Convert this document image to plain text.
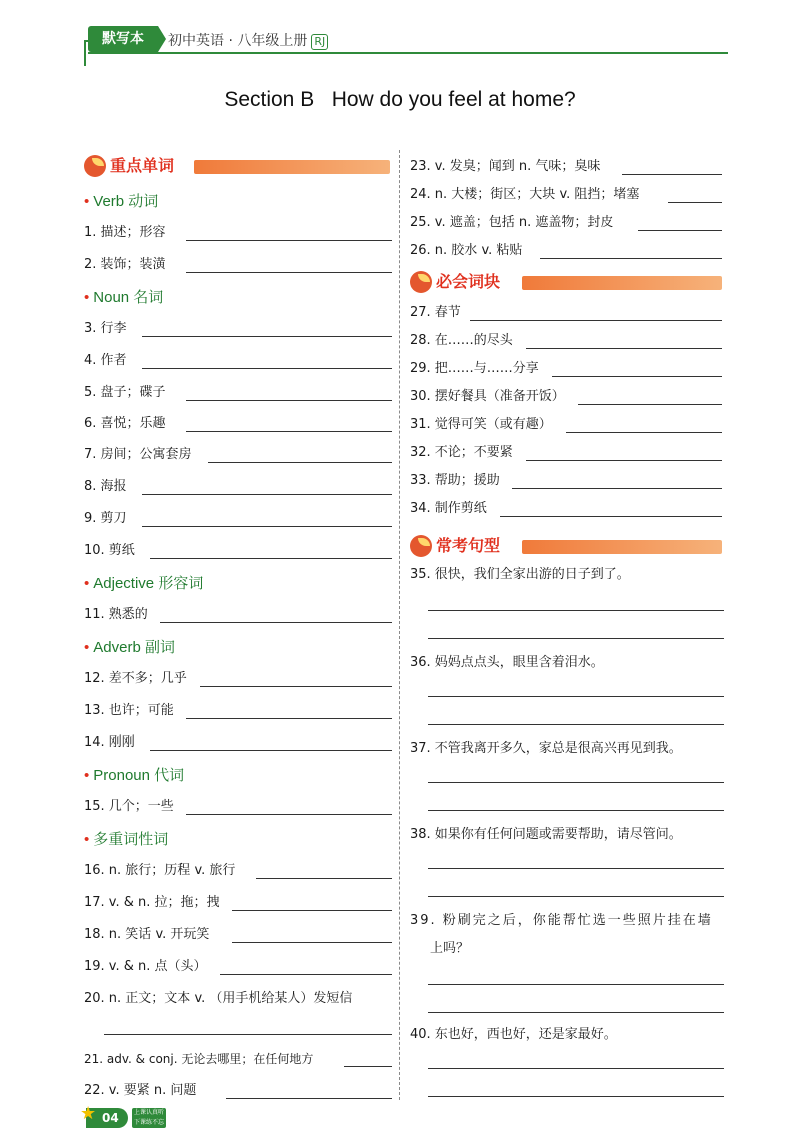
默写本	初中英语 · 八年级上册 RJ
Section B   How do you feel at home?
重点单词
• Verb 动词
1. 描述；形容
2. 装饰；装潢
• Noun 名词
3. 行李
4. 作者
5. 盘子；碟子
6. 喜悦；乐趣
7. 房间；公寓套房
8. 海报
9. 剪刀
10. 剪纸
• Adjective 形容词
11. 熟悉的
• Adverb 副词
12. 差不多；几乎
13. 也许；可能
14. 刚刚
• Pronoun 代词
15. 几个；一些
• 多重词性词
16. n. 旅行；历程 v. 旅行
17. v. & n. 拉；拖；拽
18. n. 笑话 v. 开玩笑
19. v. & n. 点（头）
20. n. 正文；文本 v. （用手机给某人）发短信
21. adv. & conj. 无论去哪里；在任何地方
22. v. 要紧 n. 问题
23. v. 发臭；闻到 n. 气味；臭味
24. n. 大楼；街区；大块 v. 阻挡；堵塞
25. v. 遮盖；包括 n. 遮盖物；封皮
26. n. 胶水 v. 粘贴
必会词块
27. 春节
28. 在……的尽头
29. 把……与……分享
30. 摆好餐具（准备开饭）
31. 觉得可笑（或有趣）
32. 不论；不要紧
33. 帮助；援助
34. 制作剪纸
常考句型
35. 很快，我们全家出游的日子到了。
36. 妈妈点点头，眼里含着泪水。
37. 不管我离开多久，家总是很高兴再见到我。
38. 如果你有任何问题或需要帮助，请尽管问。
39. 粉刷完之后，你能帮忙选一些照片挂在墙
上吗？
40. 东也好，西也好，还是家最好。
04
★	上课认真听 下课练不忘
